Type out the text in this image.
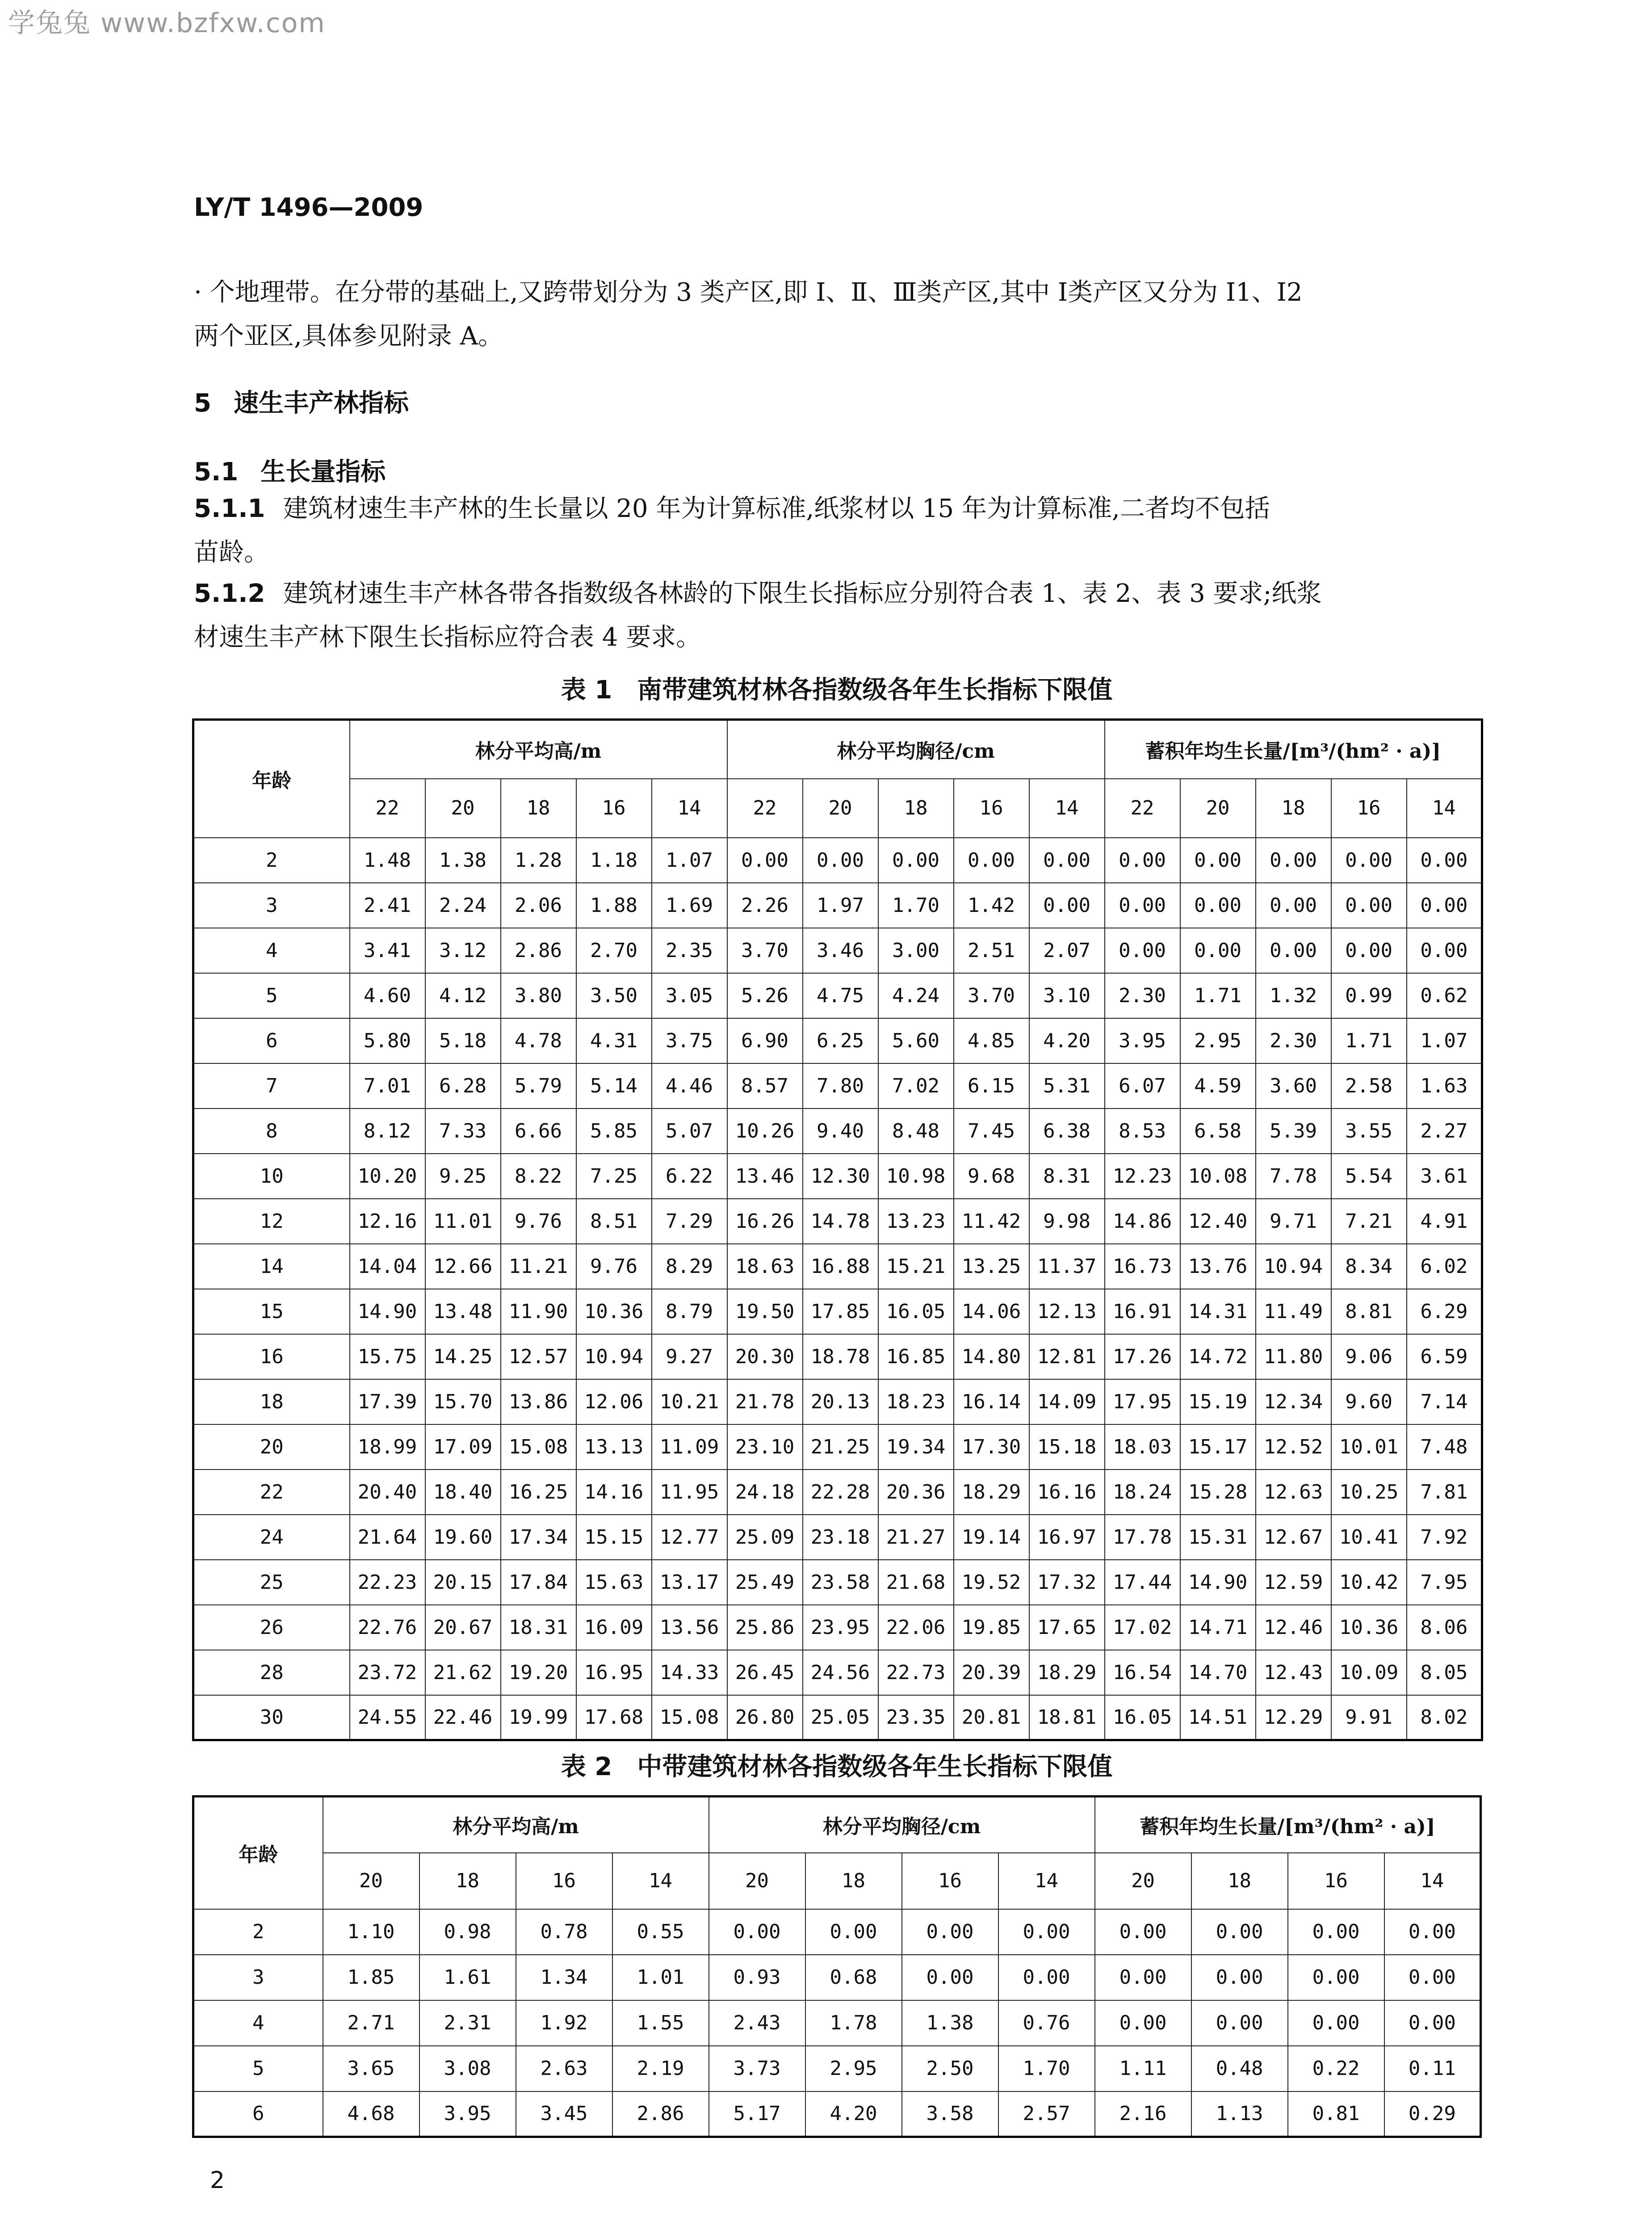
学兔兔 www.bzfxw.com
LY/T 1496—2009

· 个地理带。在分带的基础上,又跨带划分为 3 类产区,即 Ⅰ、Ⅱ、Ⅲ类产区,其中 Ⅰ类产区又分为 Ⅰ1、Ⅰ2
两个亚区,具体参见附录 A。

5 速生丰产林指标
5.1 生长量指标

5.1.1 建筑材速生丰产林的生长量以 20 年为计算标准,纸浆材以 15 年为计算标准,二者均不包括
苗龄。

5.1.2 建筑材速生丰产林各带各指数级各林龄的下限生长指标应分别符合表 1、表 2、表 3 要求;纸浆
材速生丰产林下限生长指标应符合表 4 要求。

表 1　南带建筑材林各指数级各年生长指标下限值
年龄	林分平均高/m					林分平均胸径/cm					蓄积年均生长量/[m³/(hm² · a)]				
	22	20	18	16	14	22	20	18	16	14	22	20	18	16	14
2	1.48	1.38	1.28	1.18	1.07	0.00	0.00	0.00	0.00	0.00	0.00	0.00	0.00	0.00	0.00
3	2.41	2.24	2.06	1.88	1.69	2.26	1.97	1.70	1.42	0.00	0.00	0.00	0.00	0.00	0.00
4	3.41	3.12	2.86	2.70	2.35	3.70	3.46	3.00	2.51	2.07	0.00	0.00	0.00	0.00	0.00
5	4.60	4.12	3.80	3.50	3.05	5.26	4.75	4.24	3.70	3.10	2.30	1.71	1.32	0.99	0.62
6	5.80	5.18	4.78	4.31	3.75	6.90	6.25	5.60	4.85	4.20	3.95	2.95	2.30	1.71	1.07
7	7.01	6.28	5.79	5.14	4.46	8.57	7.80	7.02	6.15	5.31	6.07	4.59	3.60	2.58	1.63
8	8.12	7.33	6.66	5.85	5.07	10.26	9.40	8.48	7.45	6.38	8.53	6.58	5.39	3.55	2.27
10	10.20	9.25	8.22	7.25	6.22	13.46	12.30	10.98	9.68	8.31	12.23	10.08	7.78	5.54	3.61
12	12.16	11.01	9.76	8.51	7.29	16.26	14.78	13.23	11.42	9.98	14.86	12.40	9.71	7.21	4.91
14	14.04	12.66	11.21	9.76	8.29	18.63	16.88	15.21	13.25	11.37	16.73	13.76	10.94	8.34	6.02
15	14.90	13.48	11.90	10.36	8.79	19.50	17.85	16.05	14.06	12.13	16.91	14.31	11.49	8.81	6.29
16	15.75	14.25	12.57	10.94	9.27	20.30	18.78	16.85	14.80	12.81	17.26	14.72	11.80	9.06	6.59
18	17.39	15.70	13.86	12.06	10.21	21.78	20.13	18.23	16.14	14.09	17.95	15.19	12.34	9.60	7.14
20	18.99	17.09	15.08	13.13	11.09	23.10	21.25	19.34	17.30	15.18	18.03	15.17	12.52	10.01	7.48
22	20.40	18.40	16.25	14.16	11.95	24.18	22.28	20.36	18.29	16.16	18.24	15.28	12.63	10.25	7.81
24	21.64	19.60	17.34	15.15	12.77	25.09	23.18	21.27	19.14	16.97	17.78	15.31	12.67	10.41	7.92
25	22.23	20.15	17.84	15.63	13.17	25.49	23.58	21.68	19.52	17.32	17.44	14.90	12.59	10.42	7.95
26	22.76	20.67	18.31	16.09	13.56	25.86	23.95	22.06	19.85	17.65	17.02	14.71	12.46	10.36	8.06
28	23.72	21.62	19.20	16.95	14.33	26.45	24.56	22.73	20.39	18.29	16.54	14.70	12.43	10.09	8.05
30	24.55	22.46	19.99	17.68	15.08	26.80	25.05	23.35	20.81	18.81	16.05	14.51	12.29	9.91	8.02
表 2　中带建筑材林各指数级各年生长指标下限值
年龄	林分平均高/m				林分平均胸径/cm				蓄积年均生长量/[m³/(hm² · a)]			
	20	18	16	14	20	18	16	14	20	18	16	14
2	1.10	0.98	0.78	0.55	0.00	0.00	0.00	0.00	0.00	0.00	0.00	0.00
3	1.85	1.61	1.34	1.01	0.93	0.68	0.00	0.00	0.00	0.00	0.00	0.00
4	2.71	2.31	1.92	1.55	2.43	1.78	1.38	0.76	0.00	0.00	0.00	0.00
5	3.65	3.08	2.63	2.19	3.73	2.95	2.50	1.70	1.11	0.48	0.22	0.11
6	4.68	3.95	3.45	2.86	5.17	4.20	3.58	2.57	2.16	1.13	0.81	0.29
2
